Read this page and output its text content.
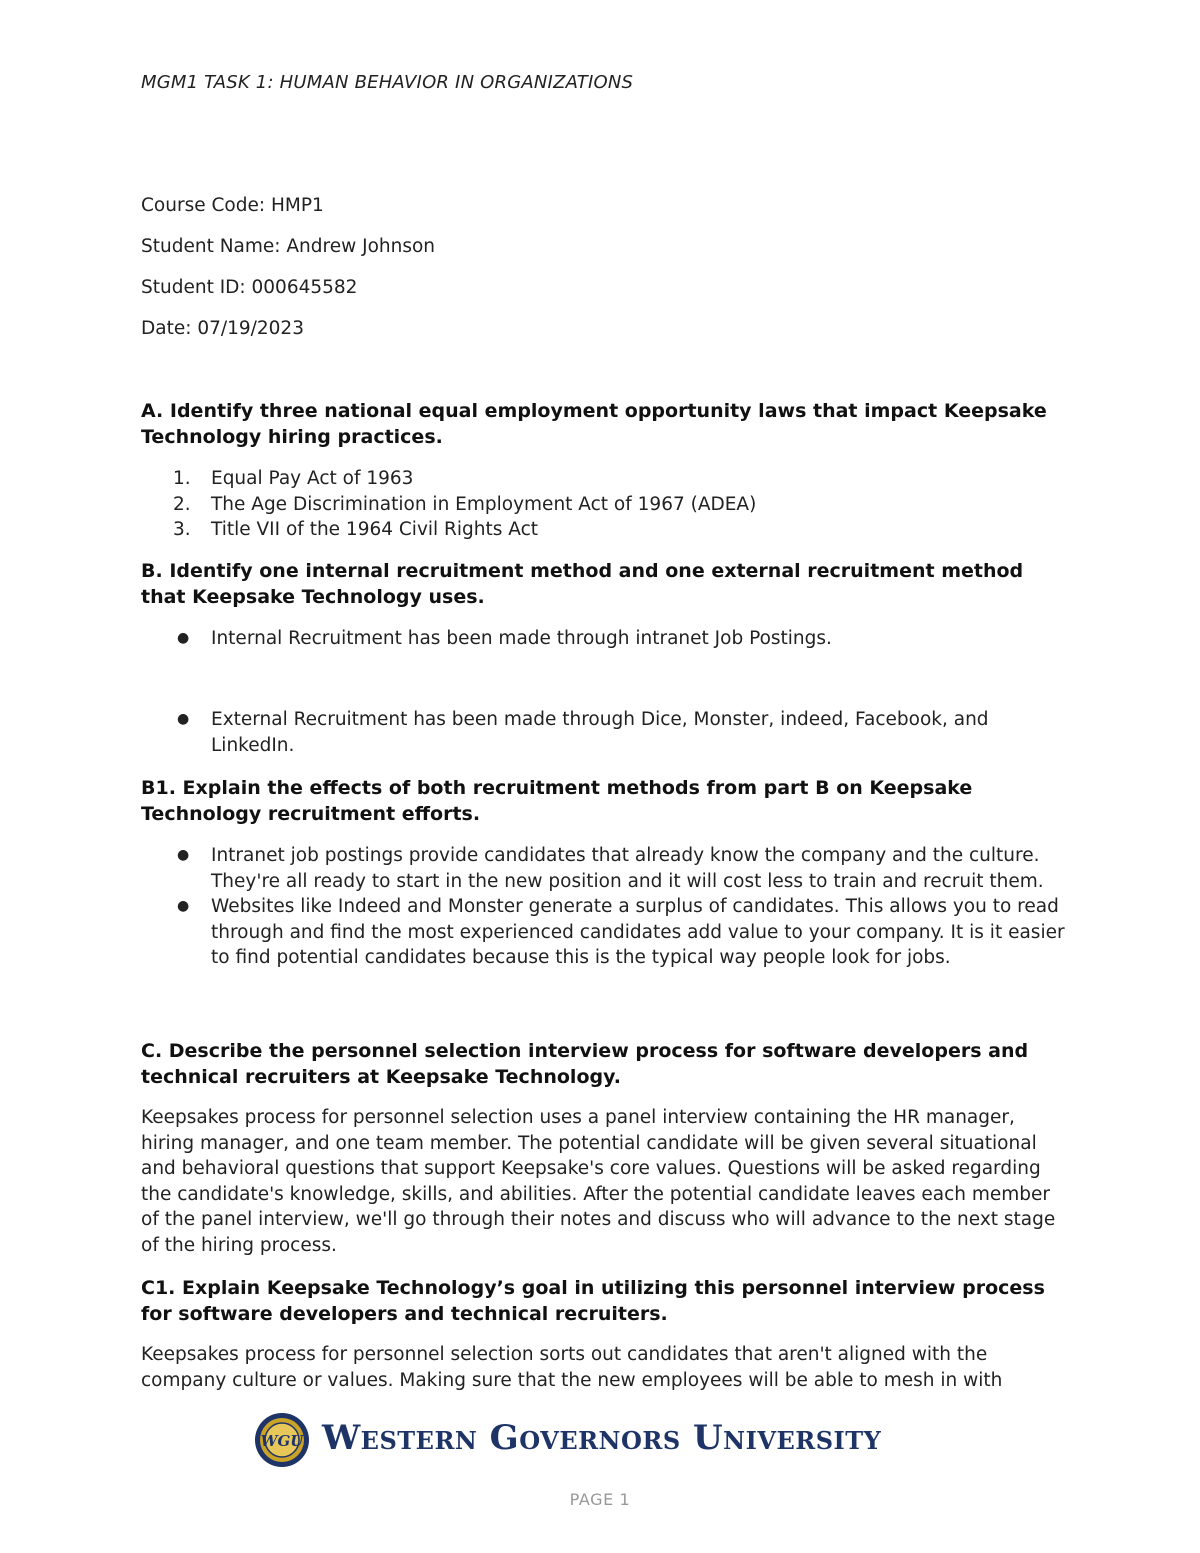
MGM1 TASK 1: HUMAN BEHAVIOR IN ORGANIZATIONS
Course Code: HMP1
Student Name: Andrew Johnson
Student ID: 000645582
Date: 07/19/2023
A. Identify three national equal employment opportunity laws that impact Keepsake Technology hiring practices.
1. Equal Pay Act of 1963
2. The Age Discrimination in Employment Act of 1967 (ADEA)
3. Title VII of the 1964 Civil Rights Act
B. Identify one internal recruitment method and one external recruitment method that Keepsake Technology uses.
● Internal Recruitment has been made through intranet Job Postings.
● External Recruitment has been made through Dice, Monster, indeed, Facebook, and LinkedIn.
B1. Explain the effects of both recruitment methods from part B on Keepsake Technology recruitment efforts.
● Intranet job postings provide candidates that already know the company and the culture. They're all ready to start in the new position and it will cost less to train and recruit them.
● Websites like Indeed and Monster generate a surplus of candidates. This allows you to read through and find the most experienced candidates add value to your company. It is it easier to find potential candidates because this is the typical way people look for jobs.
C. Describe the personnel selection interview process for software developers and technical recruiters at Keepsake Technology.
Keepsakes process for personnel selection uses a panel interview containing the HR manager, hiring manager, and one team member. The potential candidate will be given several situational and behavioral questions that support Keepsake's core values. Questions will be asked regarding the candidate's knowledge, skills, and abilities. After the potential candidate leaves each member of the panel interview, we'll go through their notes and discuss who will advance to the next stage of the hiring process.
C1. Explain Keepsake Technology’s goal in utilizing this personnel interview process for software developers and technical recruiters.
Keepsakes process for personnel selection sorts out candidates that aren't aligned with the company culture or values. Making sure that the new employees will be able to mesh in with
WGU Western Governors University
PAGE 1
